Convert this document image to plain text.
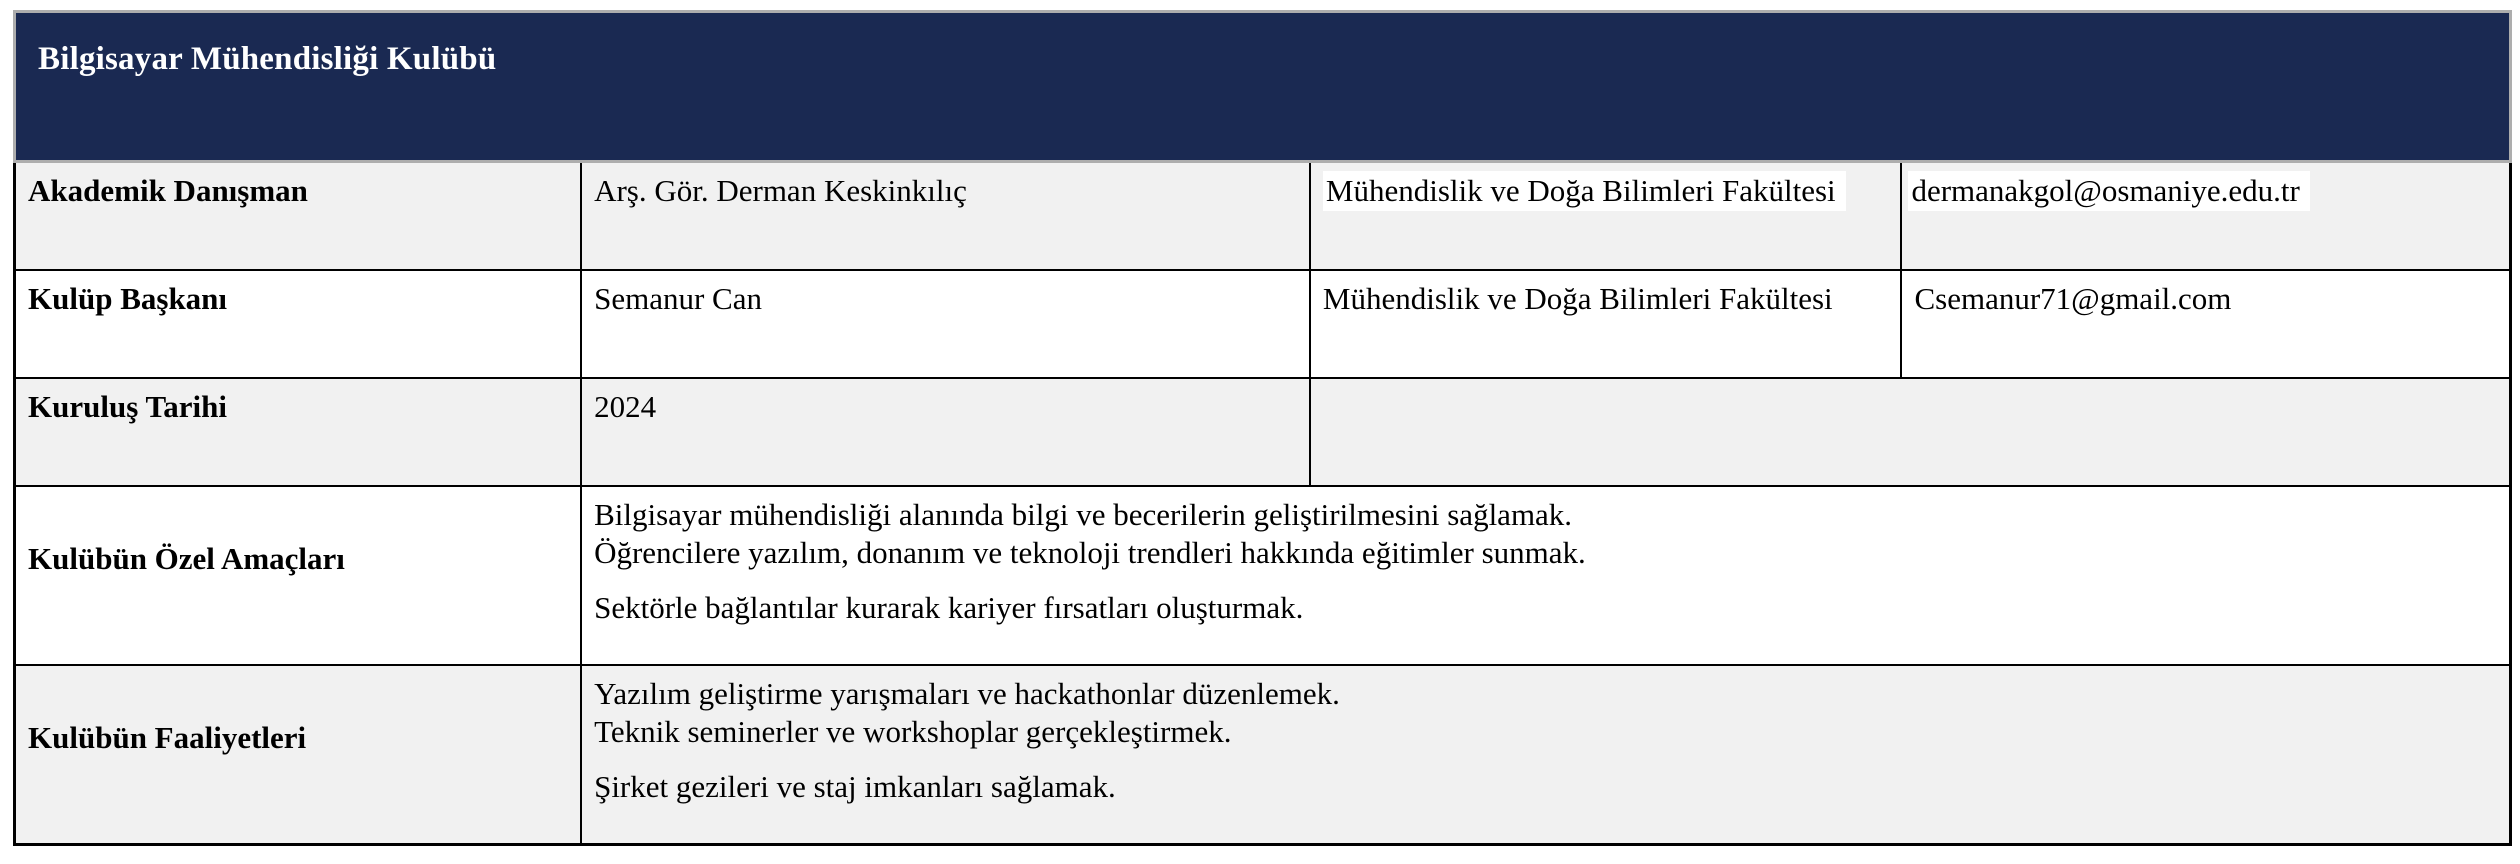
Bilgisayar Mühendisliği Kulübü			

Akademik Danışman	Arş. Gör. Derman Keskinkılıç	Mühendislik ve Doğa Bilimleri Fakültesi	dermanakgol@osmaniye.edu.tr
Kulüp Başkanı	Semanur Can	Mühendislik ve Doğa Bilimleri Fakültesi	Csemanur71@gmail.com
Kuruluş Tarihi	2024		
Kulübün Özel Amaçları	Bilgisayar mühendisliği alanında bilgi ve becerilerin geliştirilmesini sağlamak.
Öğrencilere yazılım, donanım ve teknoloji trendleri hakkında eğitimler sunmak.
Sektörle bağlantılar kurarak kariyer fırsatları oluşturmak.		

Kulübün Faaliyetleri	Yazılım geliştirme yarışmaları ve hackathonlar düzenlemek.
Teknik seminerler ve workshoplar gerçekleştirmek.
Şirket gezileri ve staj imkanları sağlamak.		
